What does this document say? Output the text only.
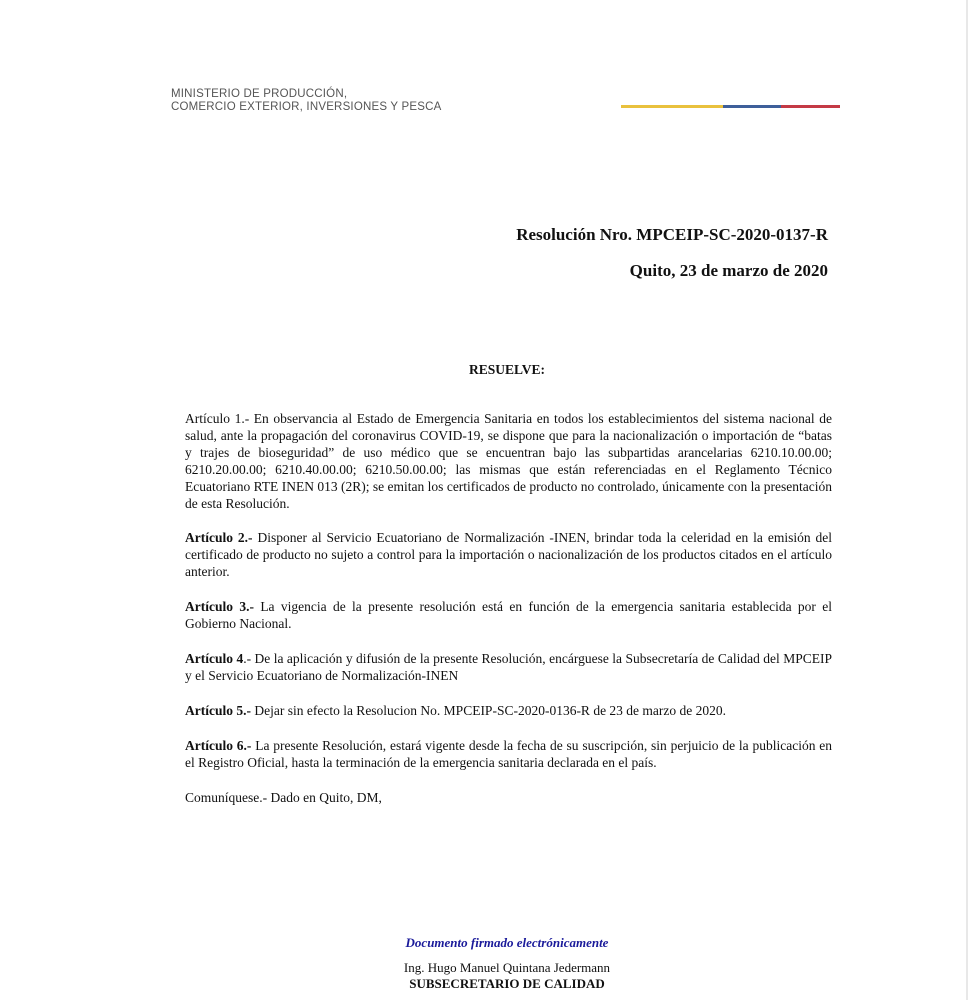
MINISTERIO DE PRODUCCIÓN,
COMERCIO EXTERIOR, INVERSIONES Y PESCA
Resolución Nro. MPCEIP-SC-2020-0137-R
Quito, 23 de marzo de 2020
RESUELVE:

Artículo 1.- En observancia al Estado de Emergencia Sanitaria en todos los establecimientos del sistema nacional de salud, ante la propagación del coronavirus COVID-19, se dispone que para la nacionalización o importación de “batas y trajes de bioseguridad” de uso médico que se encuentran bajo las subpartidas arancelarias 6210.10.00.00; 6210.20.00.00; 6210.40.00.00; 6210.50.00.00; las mismas que están referenciadas en el Reglamento Técnico Ecuatoriano RTE INEN 013 (2R); se emitan los certificados de producto no controlado, únicamente con la presentación de esta Resolución.

Artículo 2.- Disponer al Servicio Ecuatoriano de Normalización -INEN, brindar toda la celeridad en la emisión del certificado de producto no sujeto a control para la importación o nacionalización de los productos citados en el artículo anterior.

Artículo 3.- La vigencia de la presente resolución está en función de la emergencia sanitaria establecida por el Gobierno Nacional.

Artículo 4.- De la aplicación y difusión de la presente Resolución, encárguese la Subsecretaría de Calidad del MPCEIP y el Servicio Ecuatoriano de Normalización-INEN

Artículo 5.- Dejar sin efecto la Resolucion No. MPCEIP-SC-2020-0136-R de 23 de marzo de 2020.

Artículo 6.- La presente Resolución, estará vigente desde la fecha de su suscripción, sin perjuicio de la publicación en el Registro Oficial, hasta la terminación de la emergencia sanitaria declarada en el país.

Comuníquese.- Dado en Quito, DM,

Documento firmado electrónicamente
Ing. Hugo Manuel Quintana Jedermann
SUBSECRETARIO DE CALIDAD
